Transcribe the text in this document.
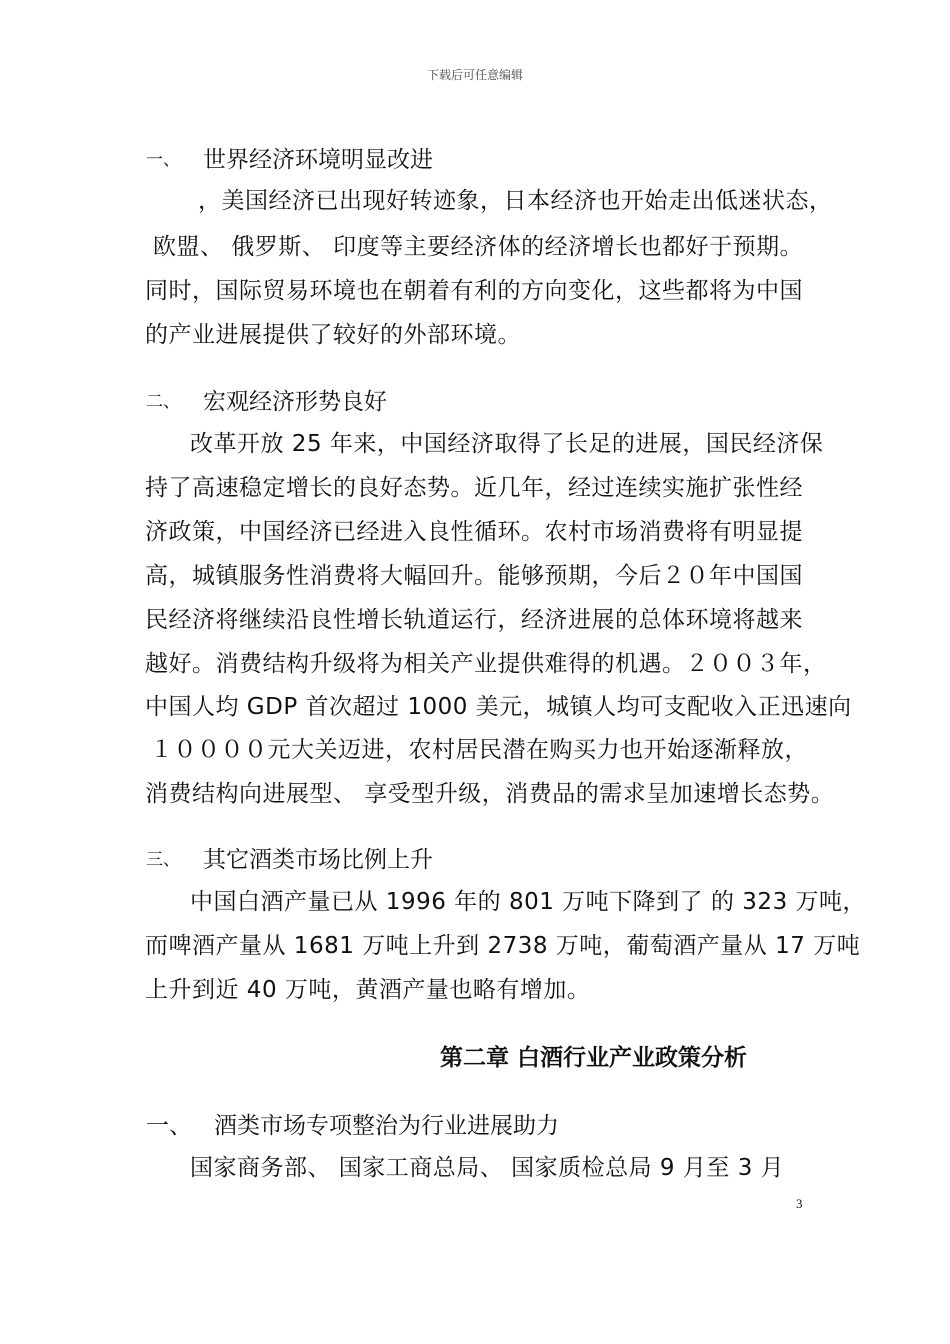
下载后可任意编辑
一、 世界经济环境明显改进
，美国经济已出现好转迹象，日本经济也开始走出低迷状态，
欧盟、 俄罗斯、 印度等主要经济体的经济增长也都好于预期。
同时，国际贸易环境也在朝着有利的方向变化，这些都将为中国
的产业进展提供了较好的外部环境。
二、 宏观经济形势良好
改革开放 25 年来，中国经济取得了长足的进展，国民经济保
持了高速稳定增长的良好态势。近几年，经过连续实施扩张性经
济政策，中国经济已经进入良性循环。农村市场消费将有明显提
高，城镇服务性消费将大幅回升。能够预期，今后２０年中国国
民经济将继续沿良性增长轨道运行，经济进展的总体环境将越来
越好。消费结构升级将为相关产业提供难得的机遇。２００３年，
中国人均 GDP 首次超过 1000 美元，城镇人均可支配收入正迅速向
１００００元大关迈进，农村居民潜在购买力也开始逐渐释放，
消费结构向进展型、 享受型升级，消费品的需求呈加速增长态势。
三、 其它酒类市场比例上升
中国白酒产量已从 1996 年的 801 万吨下降到了 的 323 万吨，
而啤酒产量从 1681 万吨上升到 2738 万吨，葡萄酒产量从 17 万吨
上升到近 40 万吨，黄酒产量也略有增加。
第二章 白酒行业产业政策分析
一、 酒类市场专项整治为行业进展助力
国家商务部、 国家工商总局、 国家质检总局 9 月至 3 月
3
